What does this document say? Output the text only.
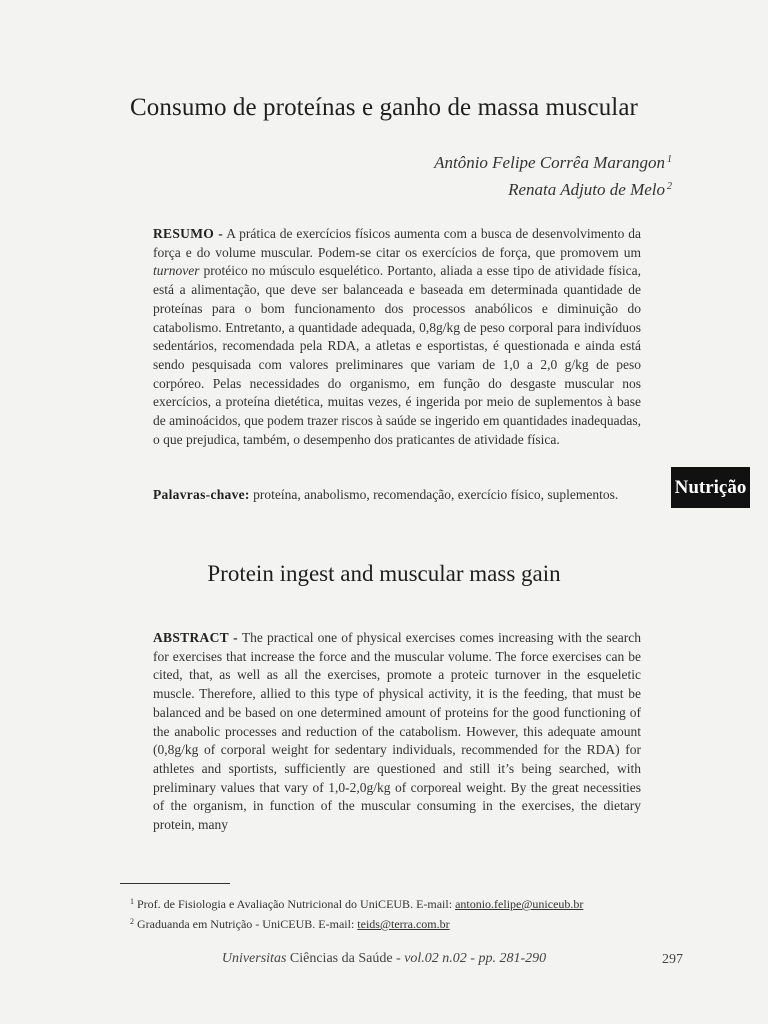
Consumo de proteínas e ganho de massa muscular
Antônio Felipe Corrêa Marangon $^1$
Renata Adjuto de Melo $^2$

RESUMO - A prática de exercícios físicos aumenta com a busca de desenvolvimento da força e do volume muscular. Podem-se citar os exercícios de força, que promovem um turnover protéico no músculo esquelético. Portanto, aliada a esse tipo de atividade física, está a alimentação, que deve ser balanceada e baseada em determinada quantidade de proteínas para o bom funcionamento dos processos anabólicos e diminuição do catabolismo. Entretanto, a quantidade adequada, 0,8g/kg de peso corporal para indivíduos sedentários, recomendada pela RDA, a atletas e esportistas, é questionada e ainda está sendo pesquisada com valores preliminares que variam de 1,0 a 2,0 g/kg de peso corpóreo. Pelas necessidades do organismo, em função do desgaste muscular nos exercícios, a proteína dietética, muitas vezes, é ingerida por meio de suplementos à base de aminoácidos, que podem trazer riscos à saúde se ingerido em quantidades inadequadas, o que prejudica, também, o desempenho dos praticantes de atividade física.

Palavras-chave: proteína, anabolismo, recomendação, exercício físico, suplementos.	Nutrição
Protein ingest and muscular mass gain

ABSTRACT - The practical one of physical exercises comes increasing with the search for exercises that increase the force and the muscular volume. The force exercises can be cited, that, as well as all the exercises, promote a proteic turnover in the esqueletic muscle. Therefore, allied to this type of physical activity, it is the feeding, that must be balanced and be based on one determined amount of proteins for the good functioning of the anabolic processes and reduction of the catabolism. However, this adequate amount (0,8g/kg of corporal weight for sedentary individuals, recommended for the RDA) for athletes and sportists, sufficiently are questioned and still it’s being searched, with preliminary values that vary of 1,0-2,0g/kg of corporeal weight. By the great necessities of the organism, in function of the muscular consuming in the exercises, the dietary protein, many

$^1$ Prof. de Fisiologia e Avaliação Nutricional do UniCEUB. E-mail: antonio.felipe@uniceub.br

$^2$ Graduanda em Nutrição - UniCEUB. E-mail: teids@terra.com.br

Universitas Ciências da Saúde - vol.02 n.02 - pp. 281-290	297
